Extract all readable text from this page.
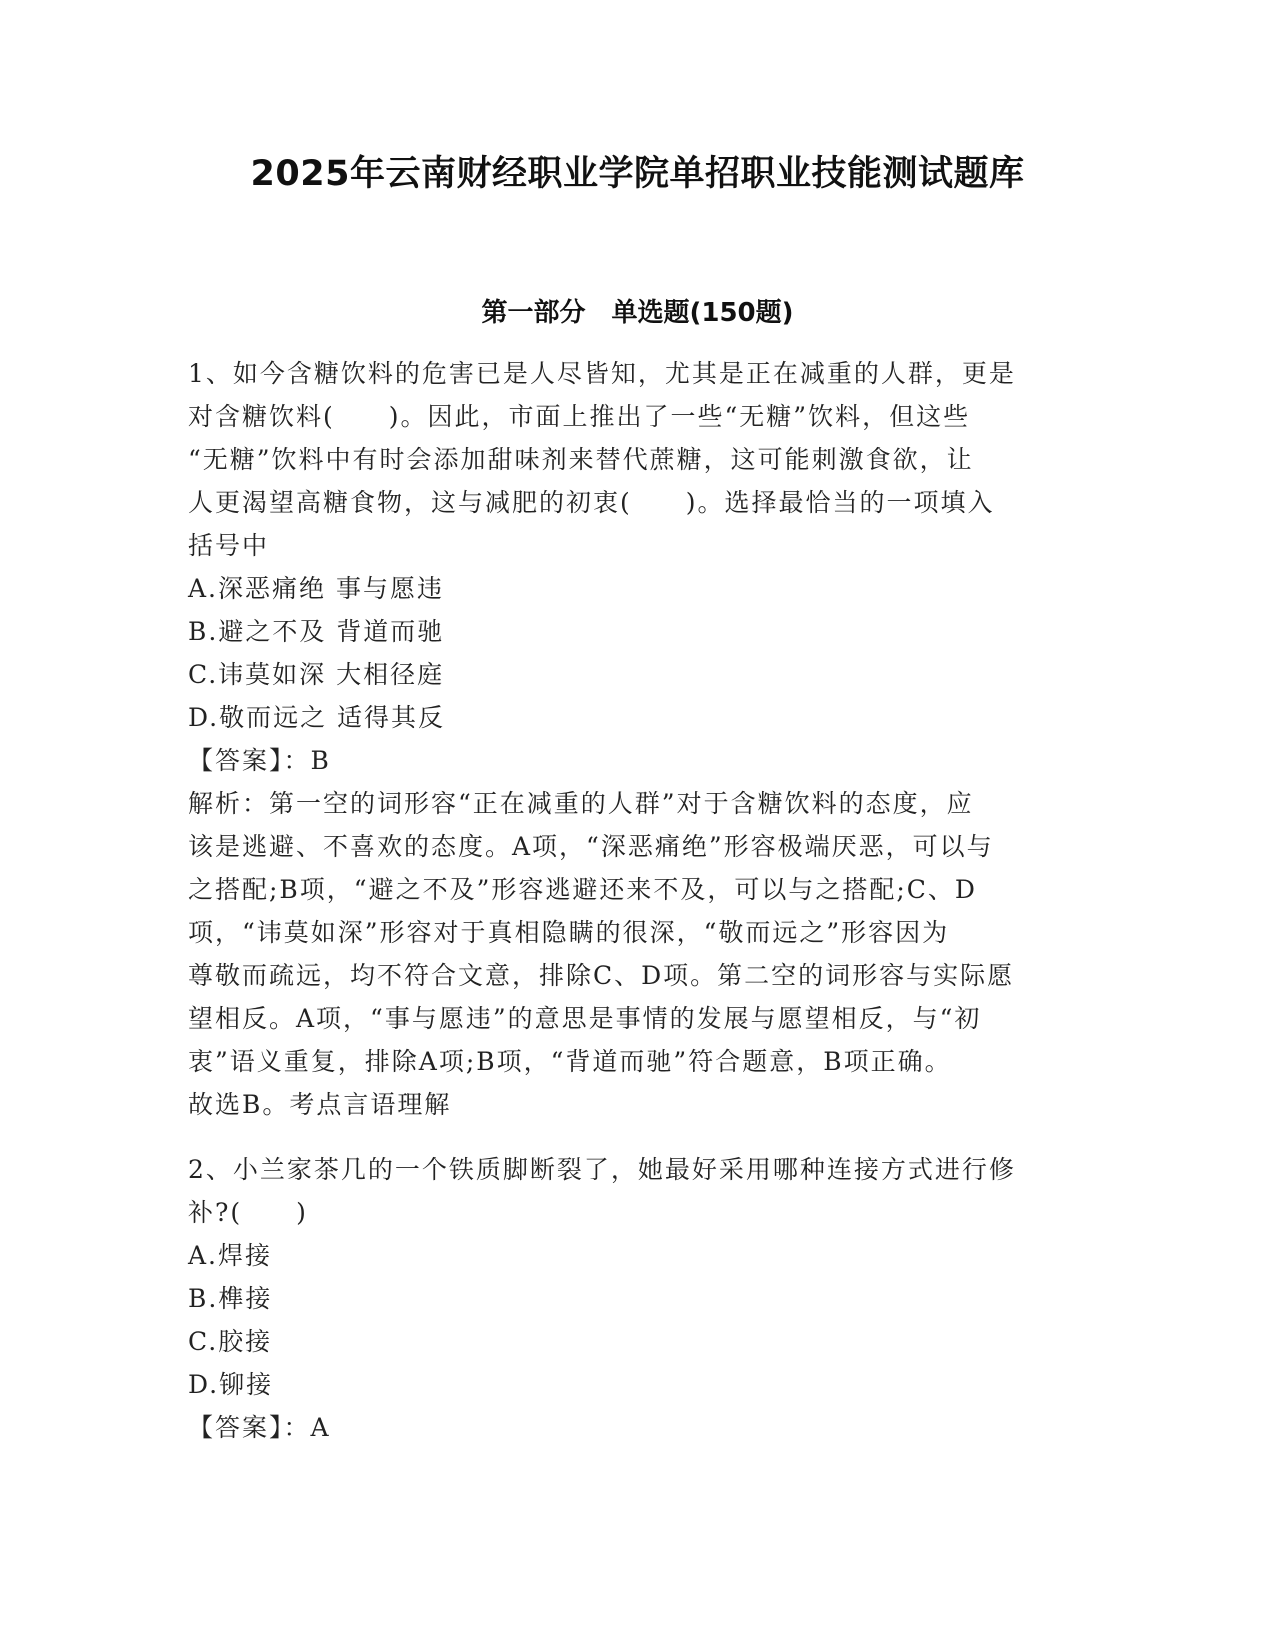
2025年云南财经职业学院单招职业技能测试题库
第一部分　单选题(150题)
1、如今含糖饮料的危害已是人尽皆知，尤其是正在减重的人群，更是
对含糖饮料(　　)。因此，市面上推出了一些“无糖”饮料，但这些
“无糖”饮料中有时会添加甜味剂来替代蔗糖，这可能刺激食欲，让
人更渴望高糖食物，这与减肥的初衷(　　)。选择最恰当的一项填入
括号中
A.深恶痛绝 事与愿违
B.避之不及 背道而驰
C.讳莫如深 大相径庭
D.敬而远之 适得其反
【答案】：B
解析：第一空的词形容“正在减重的人群”对于含糖饮料的态度，应
该是逃避、不喜欢的态度。A项，“深恶痛绝”形容极端厌恶，可以与
之搭配;B项，“避之不及”形容逃避还来不及，可以与之搭配;C、D
项，“讳莫如深”形容对于真相隐瞒的很深，“敬而远之”形容因为
尊敬而疏远，均不符合文意，排除C、D项。第二空的词形容与实际愿
望相反。A项，“事与愿违”的意思是事情的发展与愿望相反，与“初
衷”语义重复，排除A项;B项，“背道而驰”符合题意，B项正确。
故选B。考点言语理解
2、小兰家茶几的一个铁质脚断裂了，她最好采用哪种连接方式进行修
补?(　　)
A.焊接
B.榫接
C.胶接
D.铆接
【答案】：A
